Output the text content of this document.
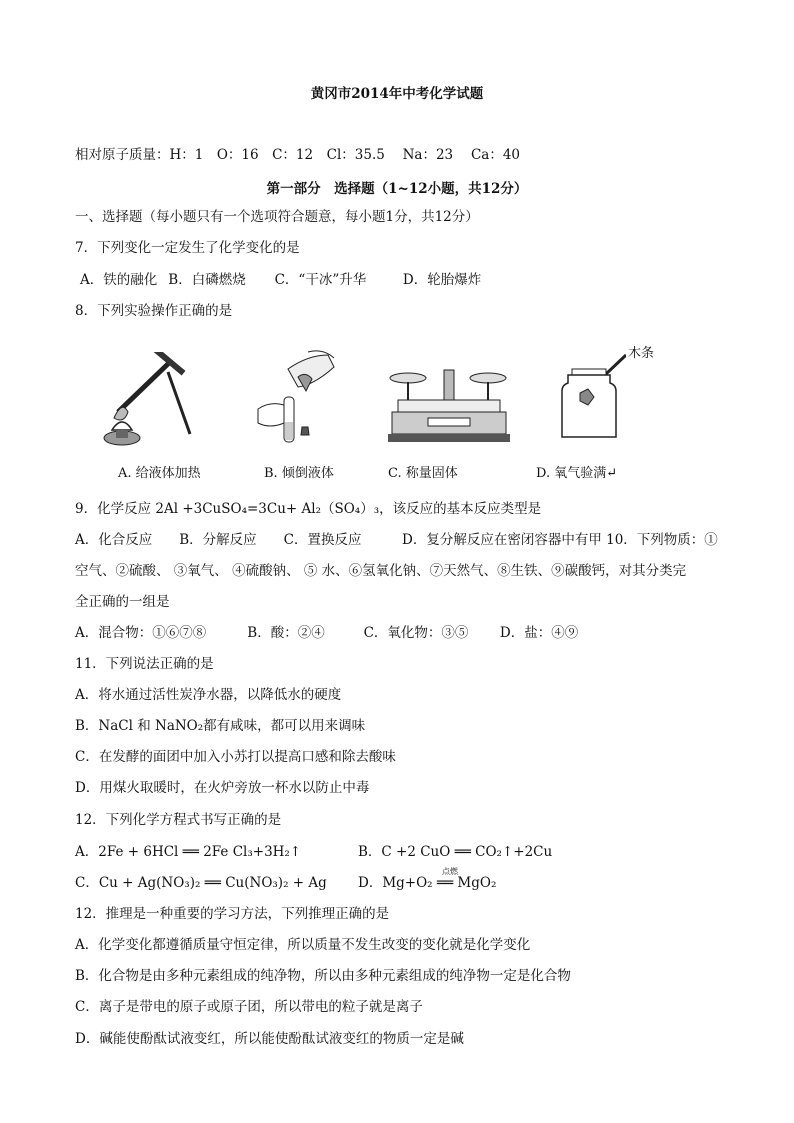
黄冈市2014年中考化学试题
相对原子质量：H：1　O：16　C：12　Cl：35.5　 Na：23　 Ca：40
第一部分　选择题（1~12小题，共12分）
一、选择题（每小题只有一个选项符合题意，每小题1分，共12分）
7．下列变化一定发生了化学变化的是
A．铁的融化 B．白磷燃烧 C．“干冰”升华	D．轮胎爆炸
8．下列实验操作正确的是
木条
A. 给液体加热	B. 倾倒液体	C. 称量固体	D. 氧气验满↵
9．化学反应 2Al +3CuSO₄=3Cu+ Al₂（SO₄）₃，该反应的基本反应类型是
A．化合反应　　B．分解反应　　C．置换反应　　　D．复分解反应在密闭容器中有甲 10．下列物质：①
空气、②硫酸、 ③氧气、 ④硫酸钠、 ⑤ 水、⑥氢氧化钠、⑦天然气、⑧生铁、⑨碳酸钙，对其分类完
全正确的一组是
A．混合物：①⑥⑦⑧	B．酸：②④	C．氧化物：③⑤ D．盐：④⑨
11．下列说法正确的是
A．将水通过活性炭净水器，以降低水的硬度
B．NaCl 和 NaNO₂都有咸味，都可以用来调味
C．在发酵的面团中加入小苏打以提高口感和除去酸味
D．用煤火取暖时，在火炉旁放一杯水以防止中毒
12．下列化学方程式书写正确的是
A．2Fe + 6HCl ══ 2Fe Cl₃+3H₂↑	B．C +2 CuO ══ CO₂↑+2Cu
C．Cu + Ag(NO₃)₂ ══ Cu(NO₃)₂ + Ag D．Mg+O₂ ══ MgO₂
点燃
12．推理是一种重要的学习方法，下列推理正确的是
A．化学变化都遵循质量守恒定律，所以质量不发生改变的变化就是化学变化
B．化合物是由多种元素组成的纯净物，所以由多种元素组成的纯净物一定是化合物
C．离子是带电的原子或原子团，所以带电的粒子就是离子
D．碱能使酚酞试液变红，所以能使酚酞试液变红的物质一定是碱
